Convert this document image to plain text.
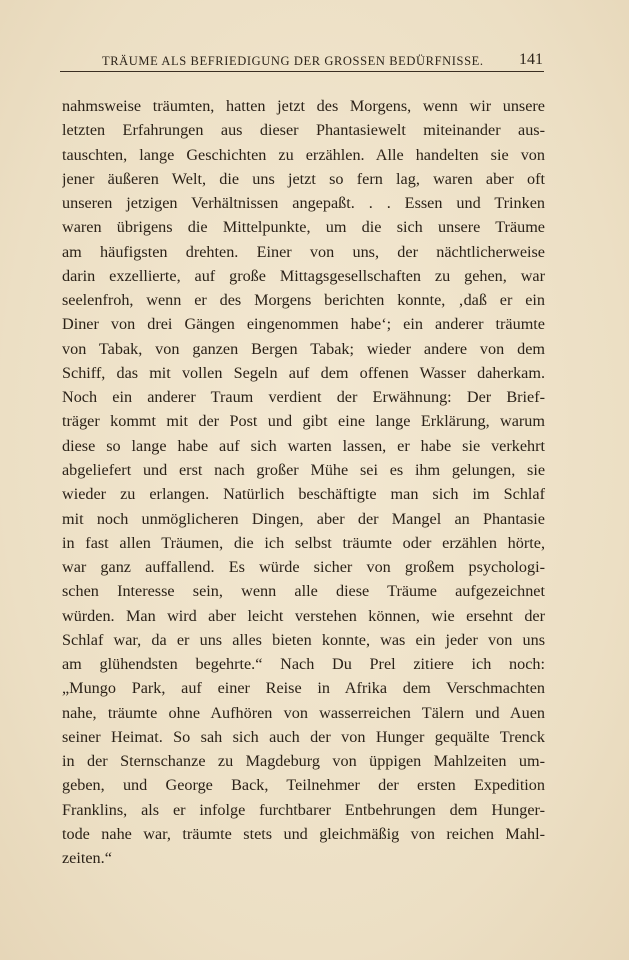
TRÄUME ALS BEFRIEDIGUNG DER GROSSEN BEDÜRFNISSE. 141
nahmsweise träumten, hatten jetzt des Morgens, wenn wir unsere
letzten Erfahrungen aus dieser Phantasiewelt miteinander aus-
tauschten, lange Geschichten zu erzählen. Alle handelten sie von
jener äußeren Welt, die uns jetzt so fern lag, waren aber oft
unseren jetzigen Verhältnissen angepaßt. . . Essen und Trinken
waren übrigens die Mittelpunkte, um die sich unsere Träume
am häufigsten drehten. Einer von uns, der nächtlicherweise
darin exzellierte, auf große Mittagsgesellschaften zu gehen, war
seelenfroh, wenn er des Morgens berichten konnte, ‚daß er ein
Diner von drei Gängen eingenommen habe‘; ein anderer träumte
von Tabak, von ganzen Bergen Tabak; wieder andere von dem
Schiff, das mit vollen Segeln auf dem offenen Wasser daherkam.
Noch ein anderer Traum verdient der Erwähnung: Der Brief-
träger kommt mit der Post und gibt eine lange Erklärung, warum
diese so lange habe auf sich warten lassen, er habe sie verkehrt
abgeliefert und erst nach großer Mühe sei es ihm gelungen, sie
wieder zu erlangen. Natürlich beschäftigte man sich im Schlaf
mit noch unmöglicheren Dingen, aber der Mangel an Phantasie
in fast allen Träumen, die ich selbst träumte oder erzählen hörte,
war ganz auffallend. Es würde sicher von großem psychologi-
schen Interesse sein, wenn alle diese Träume aufgezeichnet
würden. Man wird aber leicht verstehen können, wie ersehnt der
Schlaf war, da er uns alles bieten konnte, was ein jeder von uns
am glühendsten begehrte.“ Nach Du Prel zitiere ich noch:
„Mungo Park, auf einer Reise in Afrika dem Verschmachten
nahe, träumte ohne Aufhören von wasserreichen Tälern und Auen
seiner Heimat. So sah sich auch der von Hunger gequälte Trenck
in der Sternschanze zu Magdeburg von üppigen Mahlzeiten um-
geben, und George Back, Teilnehmer der ersten Expedition
Franklins, als er infolge furchtbarer Entbehrungen dem Hunger-
tode nahe war, träumte stets und gleichmäßig von reichen Mahl-
zeiten.“
